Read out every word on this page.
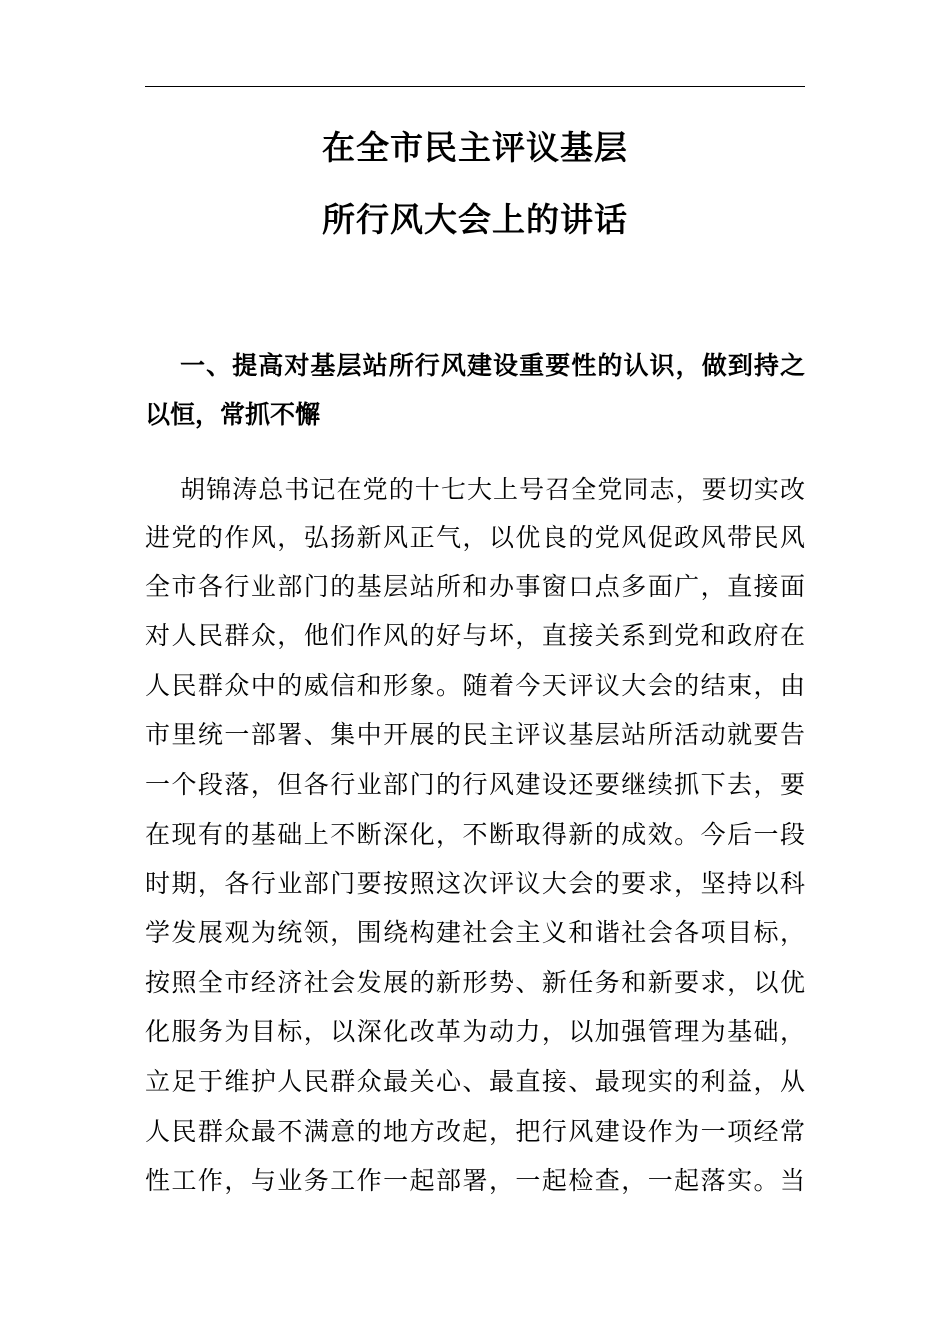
在全市民主评议基层
所行风大会上的讲话
一、提高对基层站所行风建设重要性的认识，做到持之
以恒，常抓不懈
胡锦涛总书记在党的十七大上号召全党同志，要切实改
进党的作风，弘扬新风正气，以优良的党风促政风带民风
全市各行业部门的基层站所和办事窗口点多面广，直接面
对人民群众，他们作风的好与坏，直接关系到党和政府在
人民群众中的威信和形象。随着今天评议大会的结束，由
市里统一部署、集中开展的民主评议基层站所活动就要告
一个段落，但各行业部门的行风建设还要继续抓下去，要
在现有的基础上不断深化，不断取得新的成效。今后一段
时期，各行业部门要按照这次评议大会的要求，坚持以科
学发展观为统领，围绕构建社会主义和谐社会各项目标，
按照全市经济社会发展的新形势、新任务和新要求，以优
化服务为目标，以深化改革为动力，以加强管理为基础，
立足于维护人民群众最关心、最直接、最现实的利益，从
人民群众最不满意的地方改起，把行风建设作为一项经常
性工作，与业务工作一起部署，一起检查，一起落实。当
